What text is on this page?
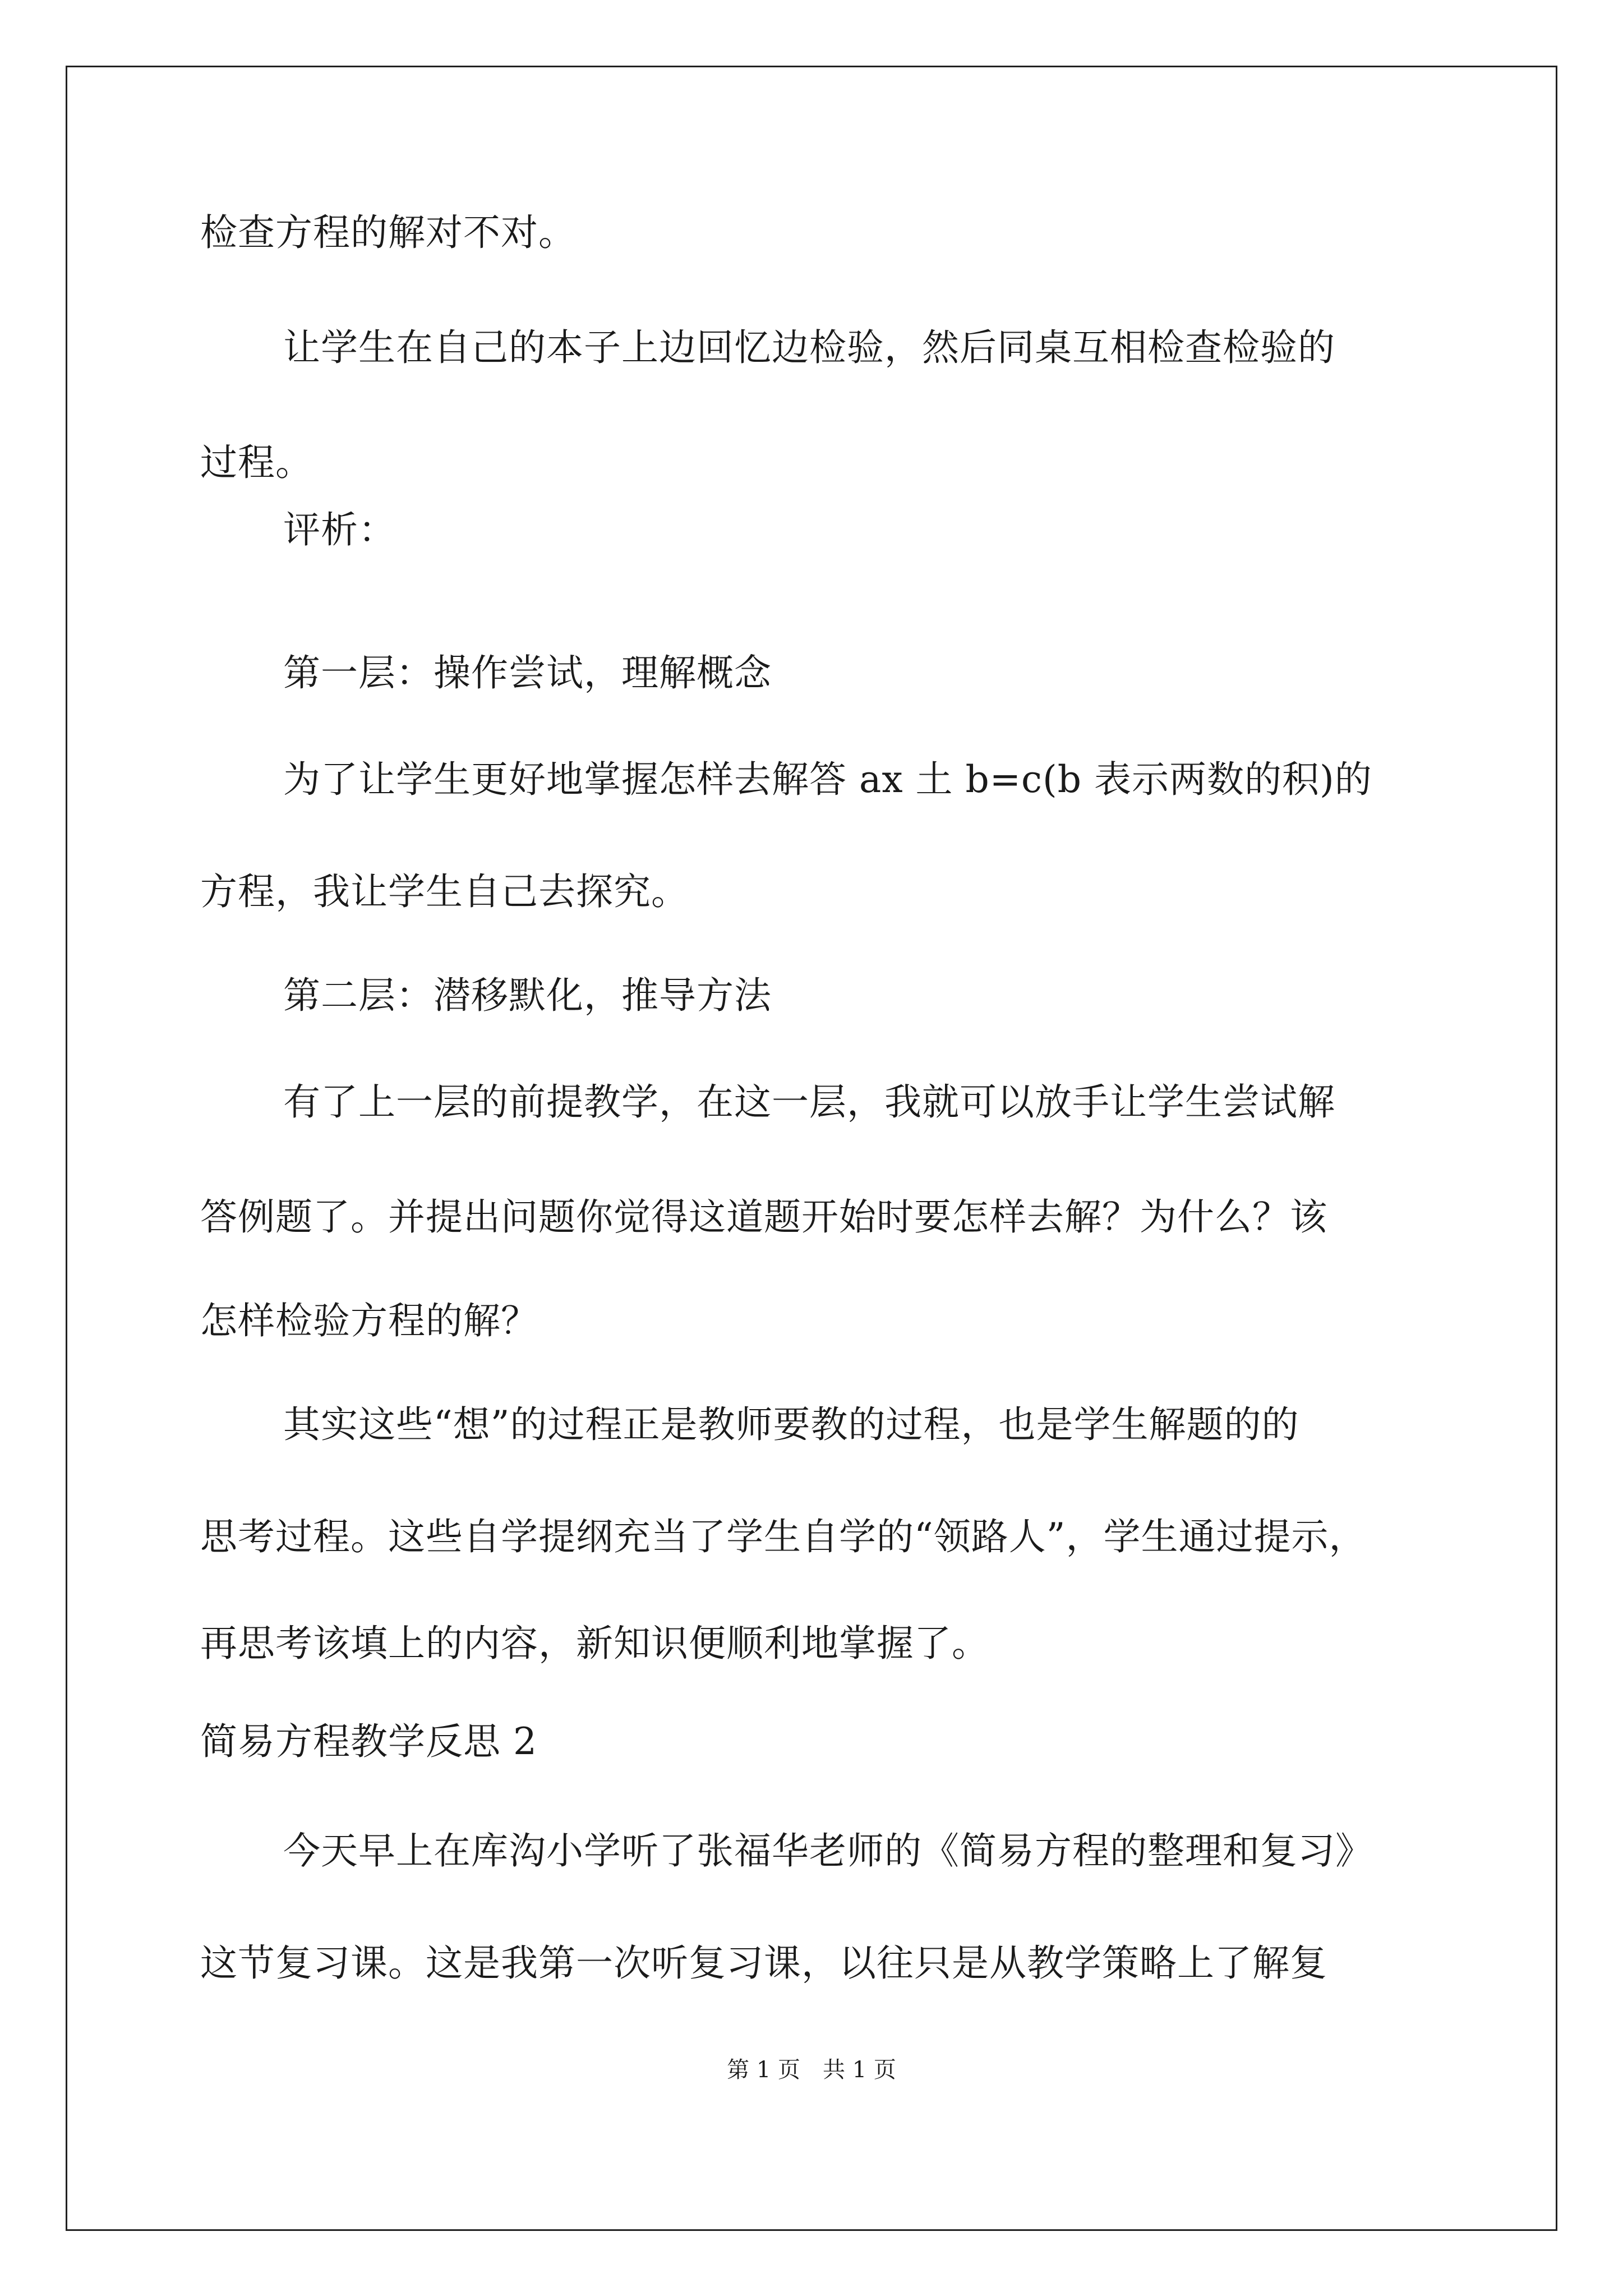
检查方程的解对不对。
让学生在自己的本子上边回忆边检验，然后同桌互相检查检验的
过程。
评析：
第一层：操作尝试，理解概念
为了让学生更好地掌握怎样去解答 ax 土 b=c(b 表示两数的积)的
方程，我让学生自己去探究。
第二层：潜移默化，推导方法
有了上一层的前提教学，在这一层，我就可以放手让学生尝试解
答例题了。并提出问题你觉得这道题开始时要怎样去解？为什么？该
怎样检验方程的解？
其实这些“想”的过程正是教师要教的过程，也是学生解题的的
思考过程。这些自学提纲充当了学生自学的“领路人”，学生通过提示，
再思考该填上的内容，新知识便顺利地掌握了。
简易方程教学反思 2
今天早上在库沟小学听了张福华老师的《简易方程的整理和复习》
这节复习课。这是我第一次听复习课，以往只是从教学策略上了解复
第 1 页　共 1 页
